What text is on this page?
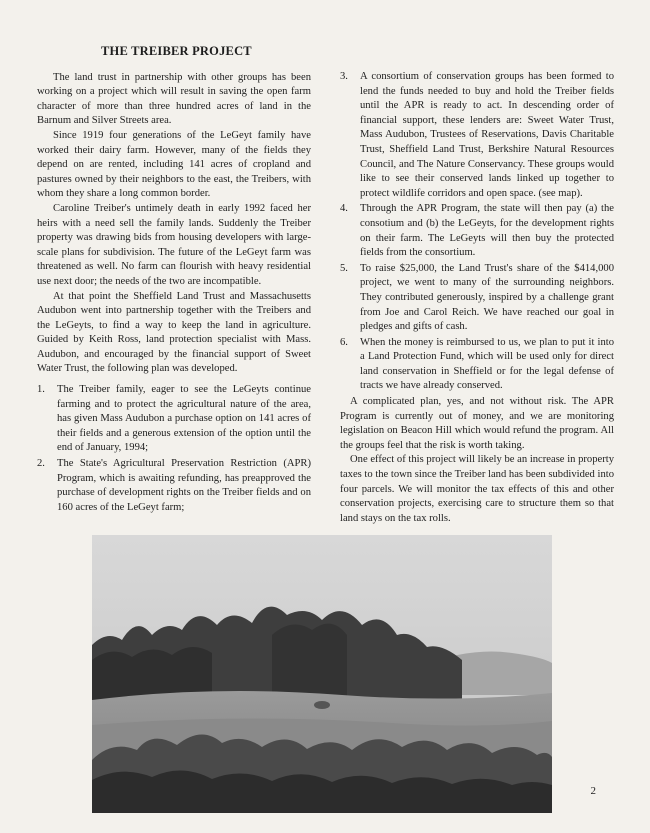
THE TREIBER PROJECT

The land trust in partnership with other groups has been working on a project which will result in saving the open farm character of more than three hundred acres of land in the Barnum and Silver Streets area.

Since 1919 four generations of the LeGeyt family have worked their dairy farm. However, many of the fields they depend on are rented, including 141 acres of cropland and pastures owned by their neighbors to the east, the Treibers, with whom they share a long common border.

Caroline Treiber's untimely death in early 1992 faced her heirs with a need sell the family lands. Suddenly the Treiber property was drawing bids from housing developers with large-scale plans for subdivision. The future of the LeGeyt farm was threatened as well. No farm can flourish with heavy residential use next door; the needs of the two are incompatible.

At that point the Sheffield Land Trust and Massachusetts Audubon went into partnership together with the Treibers and the LeGeyts, to find a way to keep the land in agriculture. Guided by Keith Ross, land protection specialist with Mass. Audubon, and encouraged by the financial support of Sweet Water Trust, the following plan was developed.

1. The Treiber family, eager to see the LeGeyts continue farming and to protect the agricultural nature of the area, has given Mass Audubon a purchase option on 141 acres of their fields and a generous extension of the option until the end of January, 1994;
2. The State's Agricultural Preservation Restriction (APR) Program, which is awaiting refunding, has preapproved the purchase of development rights on the Treiber fields and on 160 acres of the LeGeyt farm;
3. A consortium of conservation groups has been formed to lend the funds needed to buy and hold the Treiber fields until the APR is ready to act. In descending order of financial support, these lenders are: Sweet Water Trust, Mass Audubon, Trustees of Reservations, Davis Charitable Trust, Sheffield Land Trust, Berkshire Natural Resources Council, and The Nature Conservancy. These groups would like to see their conserved lands linked up together to protect wildlife corridors and open space. (see map).
4. Through the APR Program, the state will then pay (a) the consotium and (b) the LeGeyts, for the development rights on their farm. The LeGeyts will then buy the protected fields from the consortium.
5. To raise $25,000, the Land Trust's share of the $414,000 project, we went to many of the surrounding neighbors. They contributed generously, inspired by a challenge grant from Joe and Carol Reich. We have reached our goal in pledges and gifts of cash.
6. When the money is reimbursed to us, we plan to put it into a Land Protection Fund, which will be used only for direct land conservation in Sheffield or for the legal defense of tracts we have already conserved.

A complicated plan, yes, and not without risk. The APR Program is currently out of money, and we are monitoring legislation on Beacon Hill which would refund the program. All the groups feel that the risk is worth taking.

One effect of this project will likely be an increase in property taxes to the town since the Treiber land has been subdivided into four parcels. We will monitor the tax effects of this and other conservation projects, exercising care to structure them so that land stays on the tax rolls.

2
